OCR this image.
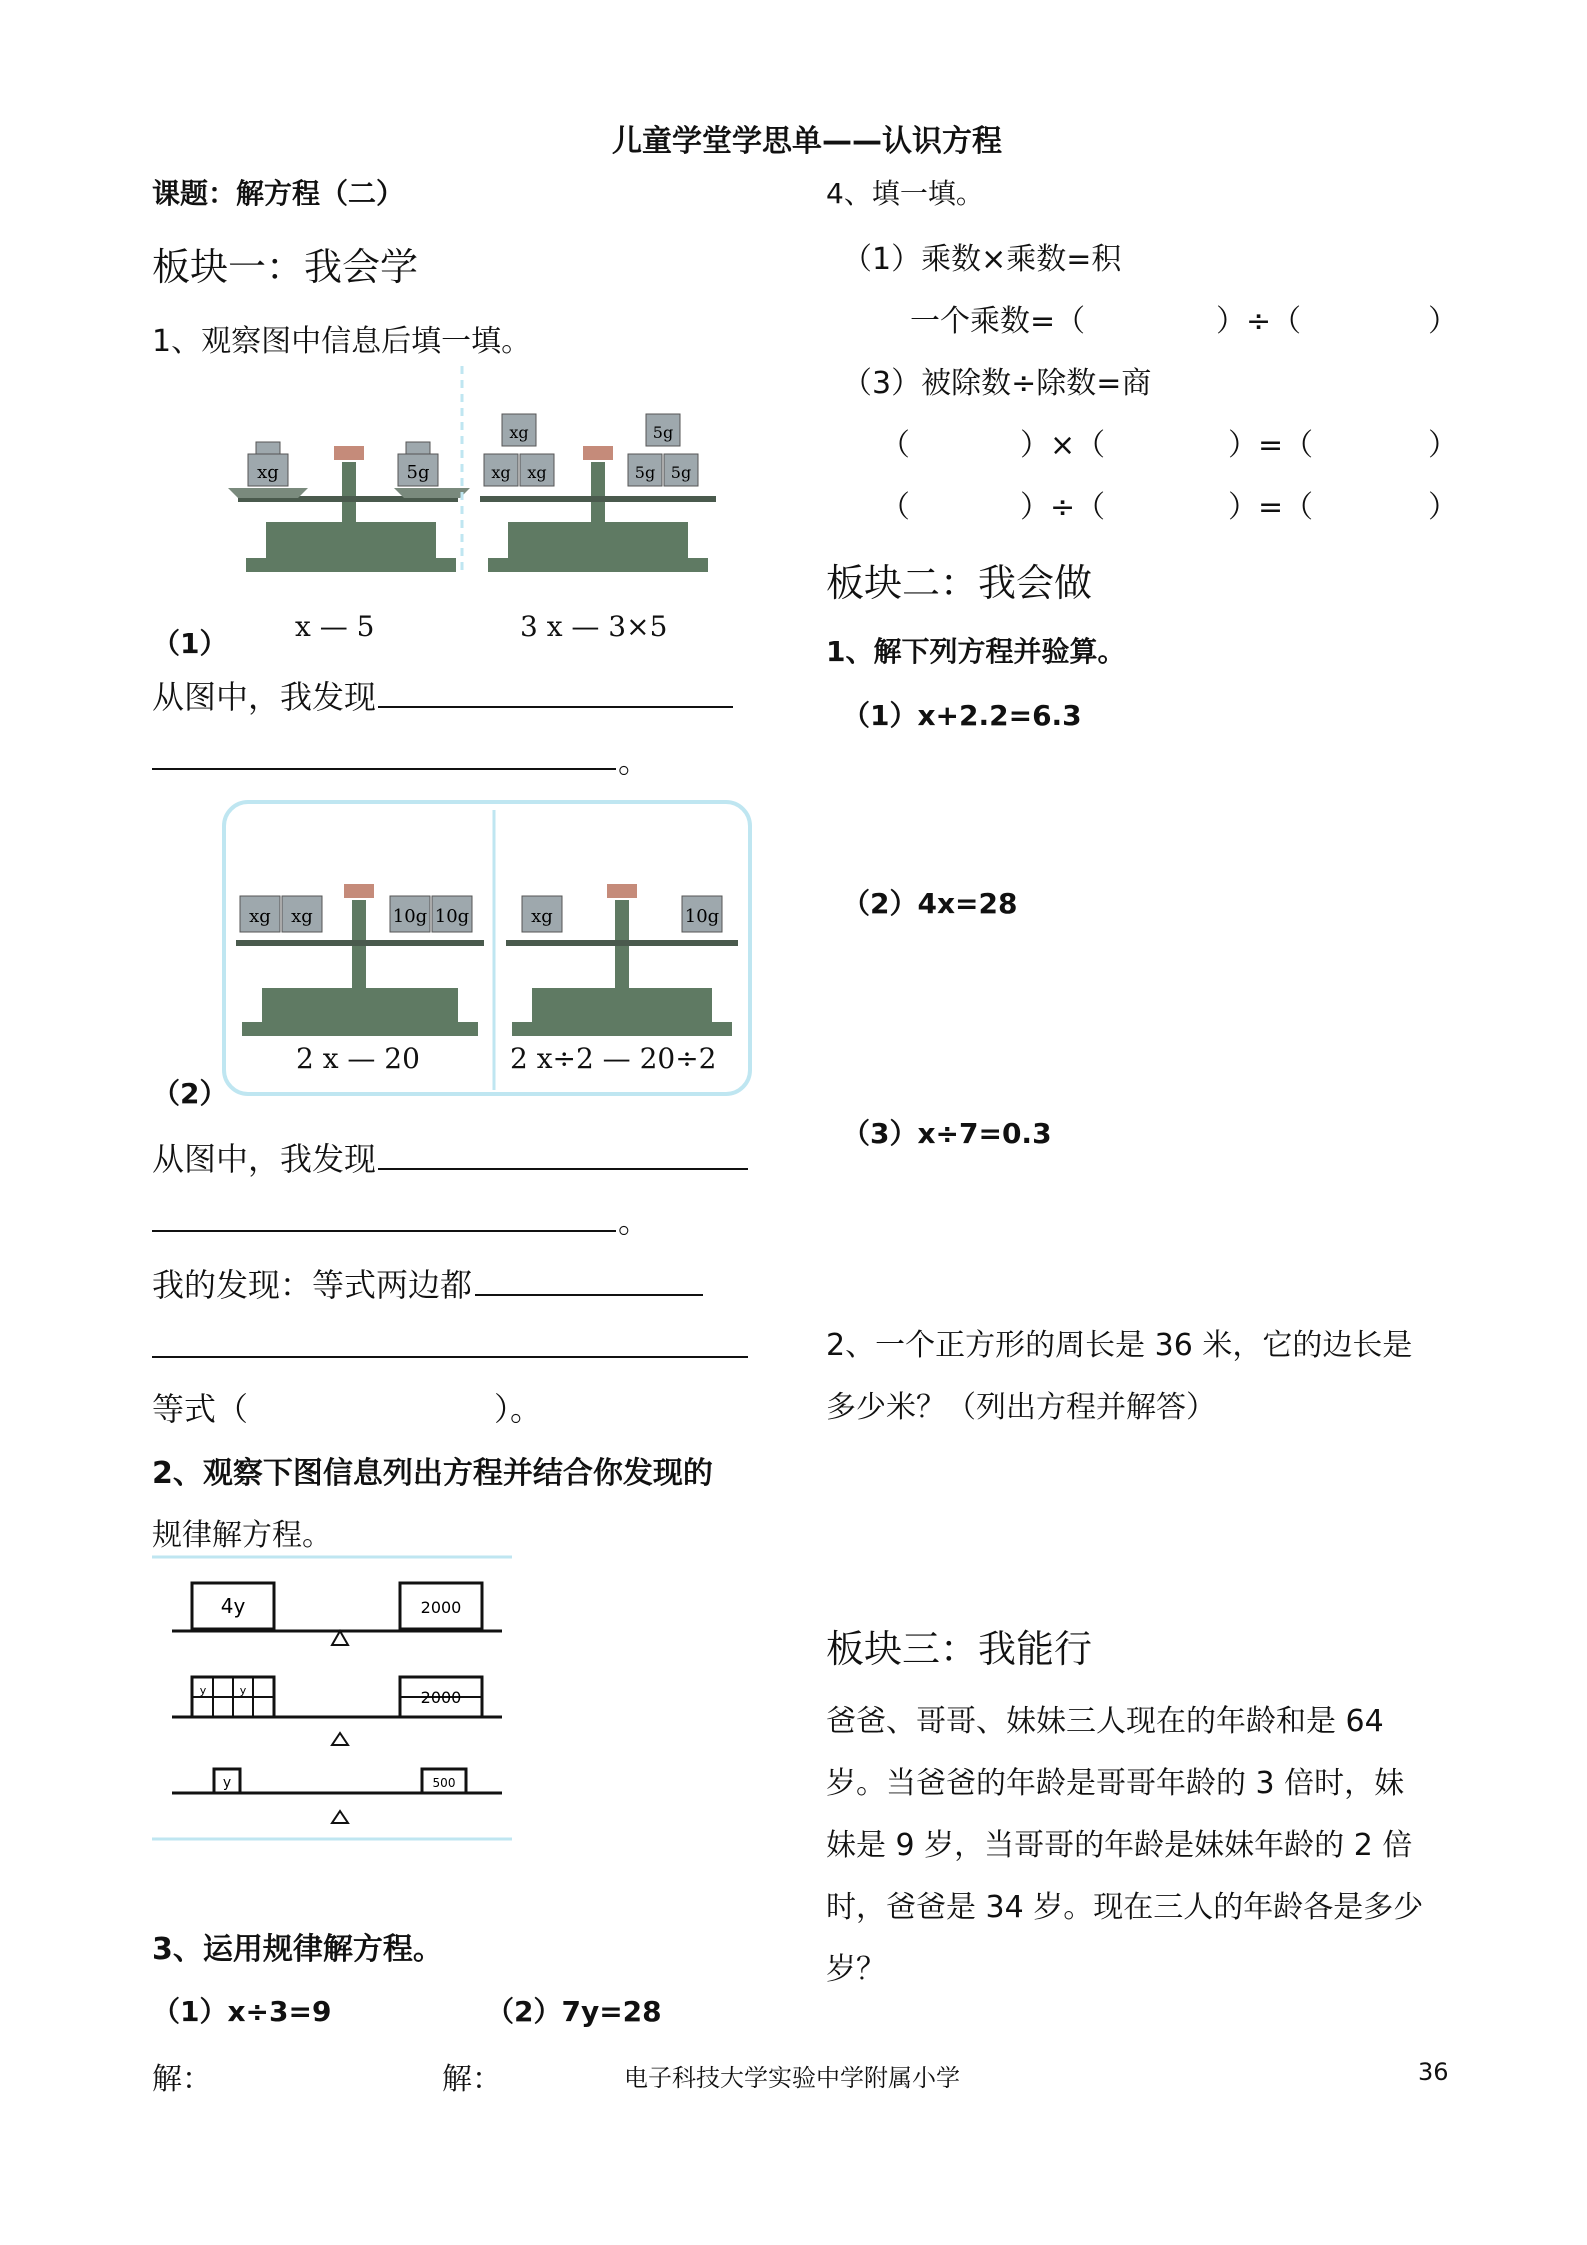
儿童学堂学思单——认识方程
课题：解方程（二）
板块一：我会学
1、观察图中信息后填一填。
xg	5g	xg xg
xg
5g 5g
5g
（1）
x — 5	3 x — 3×5
从图中，我发现
。
xg xg	10g 10g	xg	10g
（2）
2 x — 20	2 x÷2 — 20÷2
从图中，我发现
。
我的发现：等式两边都
等式（	）。
2、观察下图信息列出方程并结合你发现的
规律解方程。
4y	2000
y	y	2000
y	500
3、运用规律解方程。
（1）x÷3=9	（2）7y=28
解：	解：
4、填一填。
（1）乘数×乘数=积
一个乘数=（	）÷（	）
（3）被除数÷除数=商
（	）×（	）=（	）
（	）÷（	）=（	）
板块二：我会做
1、解下列方程并验算。
（1）x+2.2=6.3
（2）4x=28
（3）x÷7=0.3
2、一个正方形的周长是 36 米，它的边长是
多少米？（列出方程并解答）
板块三：我能行
爸爸、哥哥、妹妹三人现在的年龄和是 64
岁。当爸爸的年龄是哥哥年龄的 3 倍时，妹
妹是 9 岁，当哥哥的年龄是妹妹年龄的 2 倍
时，爸爸是 34 岁。现在三人的年龄各是多少
岁？
电子科技大学实验中学附属小学	36
